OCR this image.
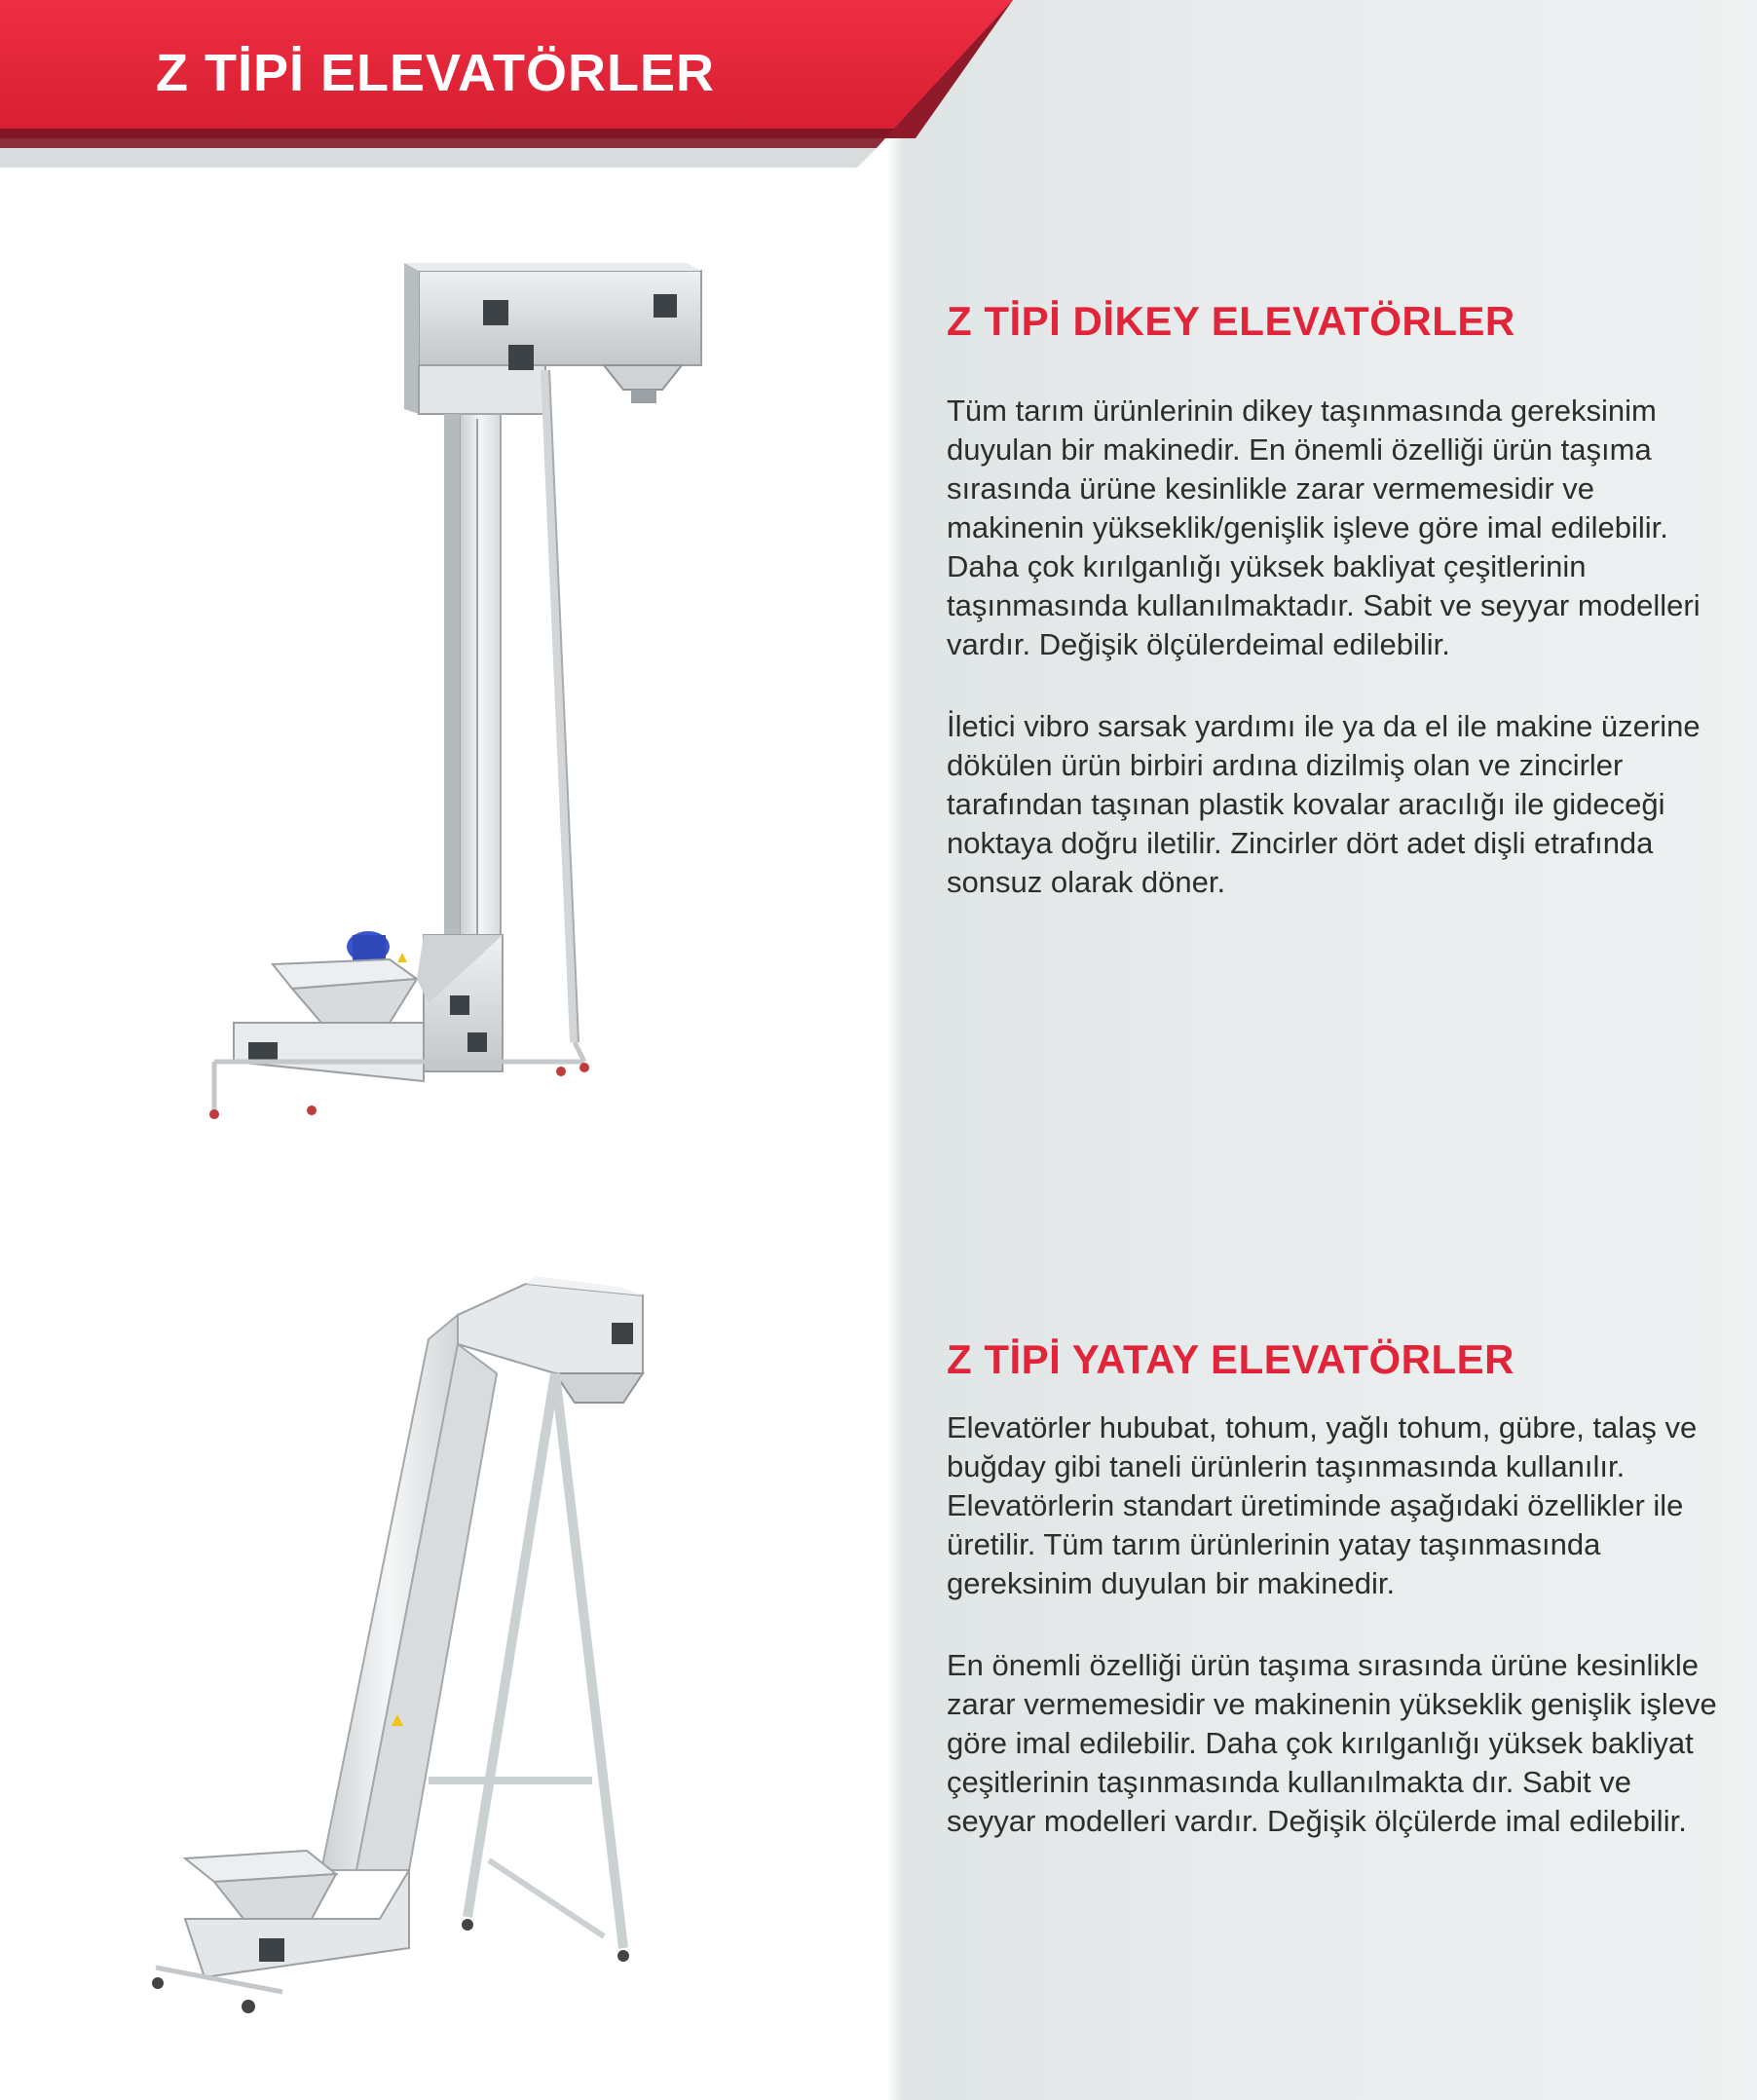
Z TİPİ ELEVATÖRLER
Z TİPİ DİKEY ELEVATÖRLER

Tüm tarım ürünlerinin dikey taşınmasında gereksinim duyulan bir makinedir. En önemli özelliği ürün taşıma sırasında ürüne kesinlikle zarar vermemesidir ve makinenin yükseklik/genişlik işleve göre imal edilebilir. Daha çok kırılganlığı yüksek bakliyat çeşitlerinin taşınmasında kullanılmaktadır. Sabit ve seyyar modelleri vardır. Değişik ölçülerdeimal edilebilir.

İletici vibro sarsak yardımı ile ya da el ile makine üzerine dökülen ürün birbiri ardına dizilmiş olan ve zincirler tarafından taşınan plastik kovalar aracılığı ile gideceği noktaya doğru iletilir. Zincirler dört adet dişli etrafında sonsuz olarak döner.

Z TİPİ YATAY ELEVATÖRLER

Elevatörler hububat, tohum, yağlı tohum, gübre, talaş ve buğday gibi taneli ürünlerin taşınmasında kullanılır. Elevatörlerin standart üretiminde aşağıdaki özellikler ile üretilir. Tüm tarım ürünlerinin yatay taşınmasında gereksinim duyulan bir makinedir.

En önemli özelliği ürün taşıma sırasında ürüne kesinlikle zarar vermemesidir ve makinenin yükseklik genişlik işleve göre imal edilebilir. Daha çok kırılganlığı yüksek bakliyat çeşitlerinin taşınmasında kullanılmakta dır. Sabit ve seyyar modelleri vardır. Değişik ölçülerde imal edilebilir.
